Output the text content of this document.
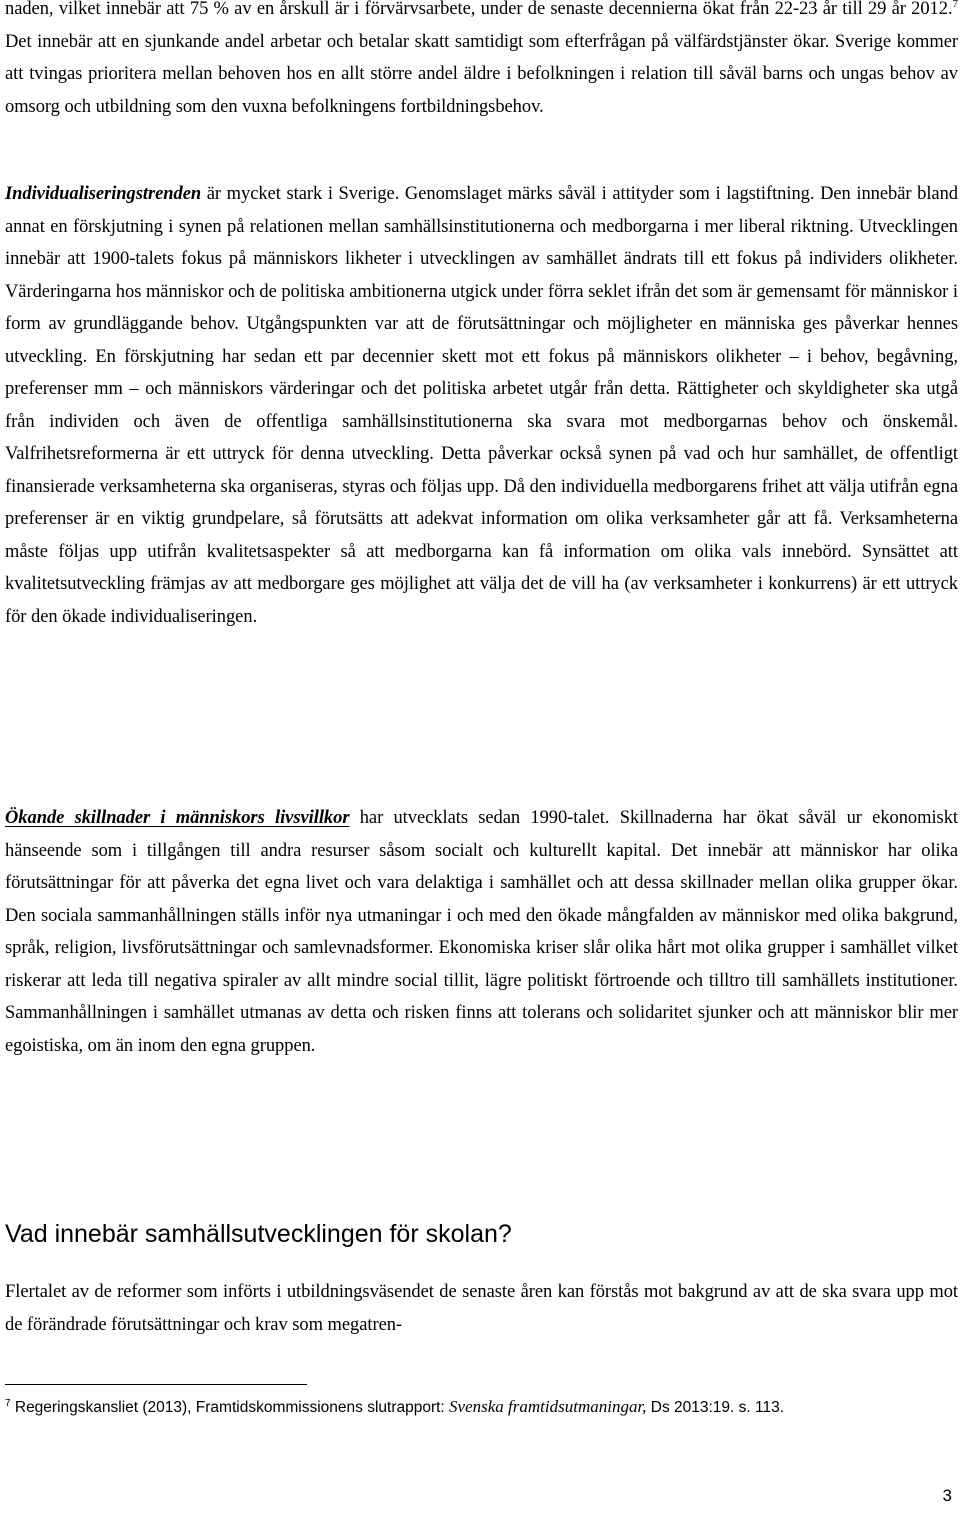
naden, vilket innebär att 75 % av en årskull är i förvärvsarbete, under de senaste decennierna ökat från 22-23 år till 29 år 2012.$^7$ Det innebär att en sjunkande andel arbetar och betalar skatt samtidigt som efterfrågan på välfärdstjänster ökar. Sverige kommer att tvingas prioritera mellan behoven hos en allt större andel äldre i befolkningen i relation till såväl barns och ungas behov av omsorg och utbildning som den vuxna befolkningens fortbildningsbehov.

Individualiseringstrenden är mycket stark i Sverige. Genomslaget märks såväl i attityder som i lagstiftning. Den innebär bland annat en förskjutning i synen på relationen mellan samhällsinstitutionerna och medborgarna i mer liberal riktning. Utvecklingen innebär att 1900-talets fokus på människors likheter i utvecklingen av samhället ändrats till ett fokus på individers olikheter. Värderingarna hos människor och de politiska ambitionerna utgick under förra seklet ifrån det som är gemensamt för människor i form av grundläggande behov. Utgångspunkten var att de förutsättningar och möjligheter en människa ges påverkar hennes utveckling. En förskjutning har sedan ett par decennier skett mot ett fokus på människors olikheter – i behov, begåvning, preferenser mm – och människors värderingar och det politiska arbetet utgår från detta. Rättigheter och skyldigheter ska utgå från individen och även de offentliga samhällsinstitutionerna ska svara mot medborgarnas behov och önskemål. Valfrihetsreformerna är ett uttryck för denna utveckling. Detta påverkar också synen på vad och hur samhället, de offentligt finansierade verksamheterna ska organiseras, styras och följas upp. Då den individuella medborgarens frihet att välja utifrån egna preferenser är en viktig grundpelare, så förutsätts att adekvat information om olika verksamheter går att få. Verksamheterna måste följas upp utifrån kvalitetsaspekter så att medborgarna kan få information om olika vals innebörd. Synsättet att kvalitetsutveckling främjas av att medborgare ges möjlighet att välja det de vill ha (av verksamheter i konkurrens) är ett uttryck för den ökade individualiseringen.

Ökande skillnader i människors livsvillkor har utvecklats sedan 1990-talet. Skillnaderna har ökat såväl ur ekonomiskt hänseende som i tillgången till andra resurser såsom socialt och kulturellt kapital. Det innebär att människor har olika förutsättningar för att påverka det egna livet och vara delaktiga i samhället och att dessa skillnader mellan olika grupper ökar. Den sociala sammanhållningen ställs inför nya utmaningar i och med den ökade mångfalden av människor med olika bakgrund, språk, religion, livsförutsättningar och samlevnadsformer. Ekonomiska kriser slår olika hårt mot olika grupper i samhället vilket riskerar att leda till negativa spiraler av allt mindre social tillit, lägre politiskt förtroende och tilltro till samhällets institutioner. Sammanhållningen i samhället utmanas av detta och risken finns att tolerans och solidaritet sjunker och att människor blir mer egoistiska, om än inom den egna gruppen.

Vad innebär samhällsutvecklingen för skolan?

Flertalet av de reformer som införts i utbildningsväsendet de senaste åren kan förstås mot bakgrund av att de ska svara upp mot de förändrade förutsättningar och krav som megatren-

$^7$ Regeringskansliet (2013), Framtidskommissionens slutrapport: Svenska framtidsutmaningar, Ds 2013:19. s. 113.

3
